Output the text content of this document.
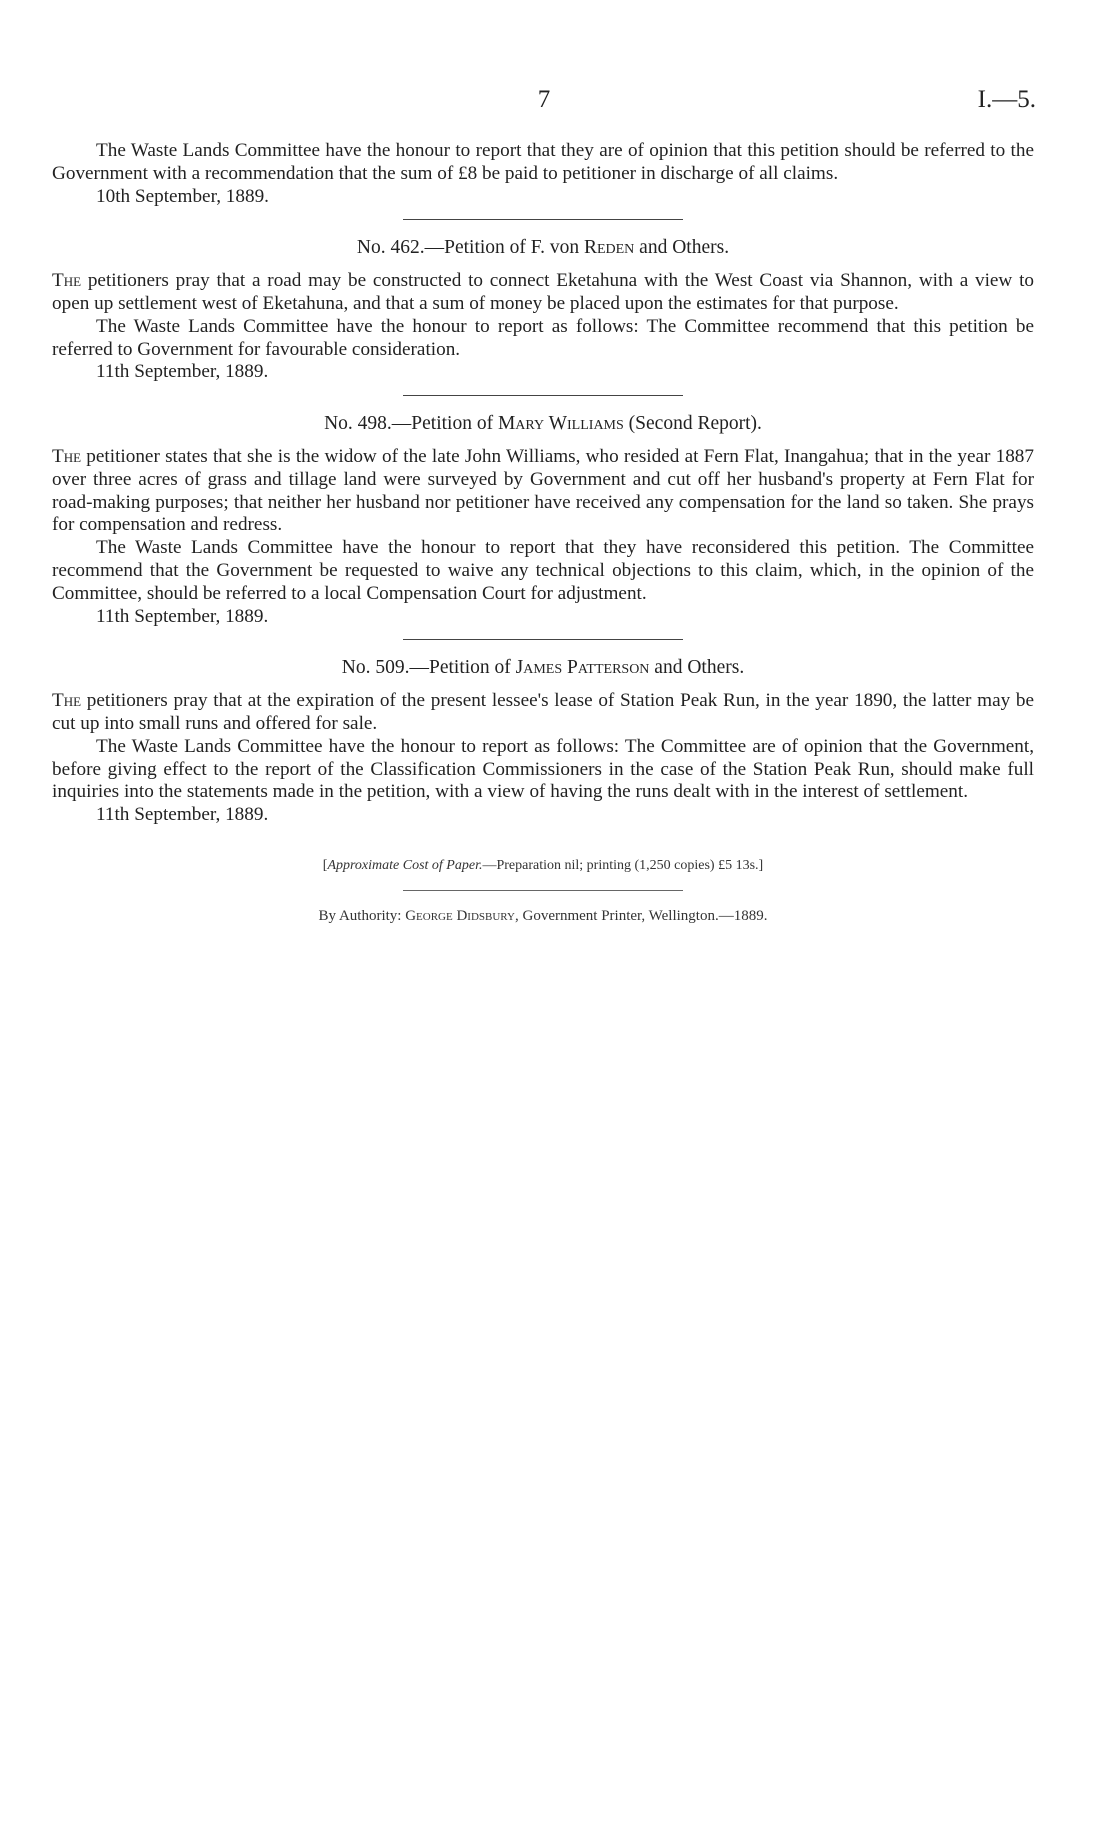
7	I.—5.

The Waste Lands Committee have the honour to report that they are of opinion that this petition should be referred to the Government with a recommendation that the sum of £8 be paid to petitioner in discharge of all claims.

10th September, 1889.

No. 462.—Petition of F. von Reden and Others.

The petitioners pray that a road may be constructed to connect Eketahuna with the West Coast via Shannon, with a view to open up settlement west of Eketahuna, and that a sum of money be placed upon the estimates for that purpose.

The Waste Lands Committee have the honour to report as follows: The Committee recommend that this petition be referred to Government for favourable consideration.

11th September, 1889.

No. 498.—Petition of Mary Williams (Second Report).

The petitioner states that she is the widow of the late John Williams, who resided at Fern Flat, Inangahua; that in the year 1887 over three acres of grass and tillage land were surveyed by Government and cut off her husband's property at Fern Flat for road-making purposes; that neither her husband nor petitioner have received any compensation for the land so taken. She prays for compensation and redress.

The Waste Lands Committee have the honour to report that they have reconsidered this petition. The Committee recommend that the Government be requested to waive any technical objections to this claim, which, in the opinion of the Committee, should be referred to a local Compensation Court for adjustment.

11th September, 1889.

No. 509.—Petition of James Patterson and Others.

The petitioners pray that at the expiration of the present lessee's lease of Station Peak Run, in the year 1890, the latter may be cut up into small runs and offered for sale.

The Waste Lands Committee have the honour to report as follows: The Committee are of opinion that the Government, before giving effect to the report of the Classification Commissioners in the case of the Station Peak Run, should make full inquiries into the statements made in the petition, with a view of having the runs dealt with in the interest of settlement.

11th September, 1889.

[Approximate Cost of Paper.—Preparation nil; printing (1,250 copies) £5 13s.]
By Authority: George Didsbury, Government Printer, Wellington.—1889.
